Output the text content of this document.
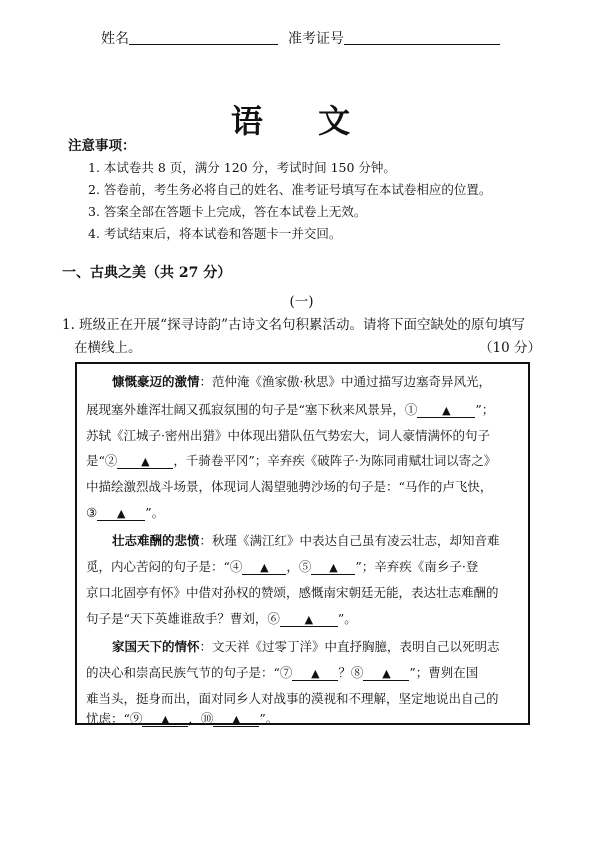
姓名	准考证号
语 文
注意事项：
1. 本试卷共 8 页，满分 120 分，考试时间 150 分钟。
2. 答卷前，考生务必将自己的姓名、准考证号填写在本试卷相应的位置。
3. 答案全部在答题卡上完成，答在本试卷上无效。
4. 考试结束后，将本试卷和答题卡一并交回。
一、古典之美（共 27 分）
(一)
1. 班级正在开展“探寻诗韵”古诗文名句积累活动。请将下面空缺处的原句填写
在横线上。	（10 分）
慷慨豪迈的激情：范仲淹《渔家傲·秋思》中通过描写边塞奇异风光，
展现塞外雄浑壮阔又孤寂氛围的句子是“塞下秋来风景异，① ▲ ”；
苏轼《江城子·密州出猎》中体现出猎队伍气势宏大，词人豪情满怀的句子
是“② ▲ ，千骑卷平冈”；辛弃疾《破阵子·为陈同甫赋壮词以寄之》
中描绘激烈战斗场景，体现词人渴望驰骋沙场的句子是：“马作的卢飞快，
③ ▲ ”。
壮志难酬的悲愤：秋瑾《满江红》中表达自己虽有凌云壮志，却知音难
觅，内心苦闷的句子是：“④ ▲ ，⑤ ▲ ”；辛弃疾《南乡子·登
京口北固亭有怀》中借对孙权的赞颂，感慨南宋朝廷无能，表达壮志难酬的
句子是“天下英雄谁敌手？曹刘，⑥ ▲ ”。
家国天下的情怀：文天祥《过零丁洋》中直抒胸臆，表明自己以死明志
的决心和崇高民族气节的句子是：“⑦ ▲ ？⑧ ▲ ”；曹刿在国
难当头，挺身而出，面对同乡人对战事的漠视和不理解，坚定地说出自己的
忧虑：“⑨ ▲ ，⑩ ▲ ”。
